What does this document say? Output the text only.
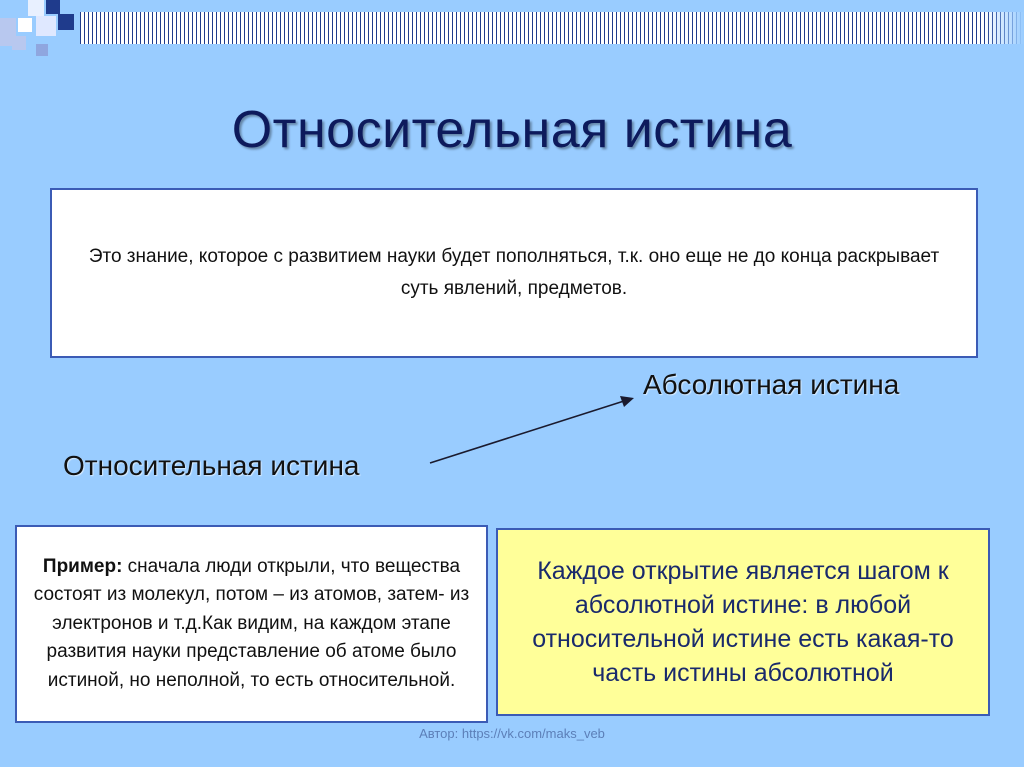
Относительная истина
Это знание, которое с развитием науки будет пополняться, т.к. оно еще не до конца раскрывает суть явлений, предметов.
Абсолютная истина
Относительная истина
Пример: сначала люди открыли, что вещества состоят из молекул, потом – из атомов, затем- из электронов и т.д.Как видим, на каждом этапе развития науки представление об атоме было истиной, но неполной, то есть относительной.
Каждое открытие является шагом к абсолютной истине: в любой относительной истине есть какая-то часть истины абсолютной
Автор: https://vk.com/maks_veb
